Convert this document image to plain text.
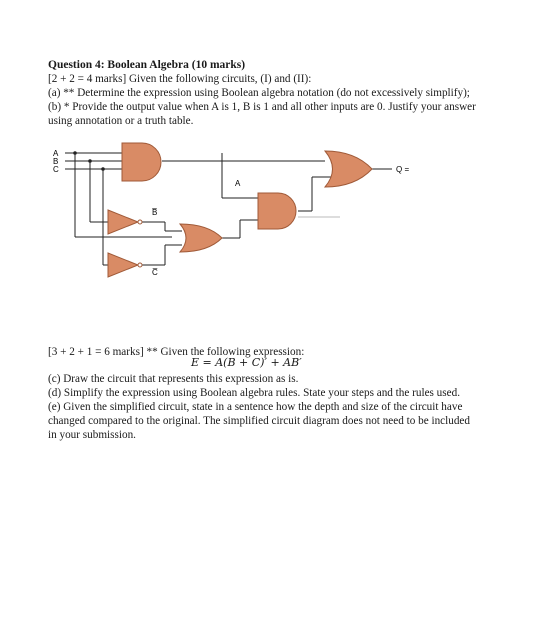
Question 4: Boolean Algebra (10 marks)
[2 + 2 = 4 marks] Given the following circuits, (I) and (II):
(a) ** Determine the expression using Boolean algebra notation (do not excessively simplify);
(b) * Provide the output value when A is 1, B is 1 and all other inputs are 0. Justify your answer
using annotation or a truth table.
A
B
C
A
B̅
C̅
Q =
[3 + 2 + 1 = 6 marks] ** Given the following expression:
E = A(B + C)′ + AB′
(c) Draw the circuit that represents this expression as is.
(d) Simplify the expression using Boolean algebra rules. State your steps and the rules used.
(e) Given the simplified circuit, state in a sentence how the depth and size of the circuit have
changed compared to the original. The simplified circuit diagram does not need to be included
in your submission.
